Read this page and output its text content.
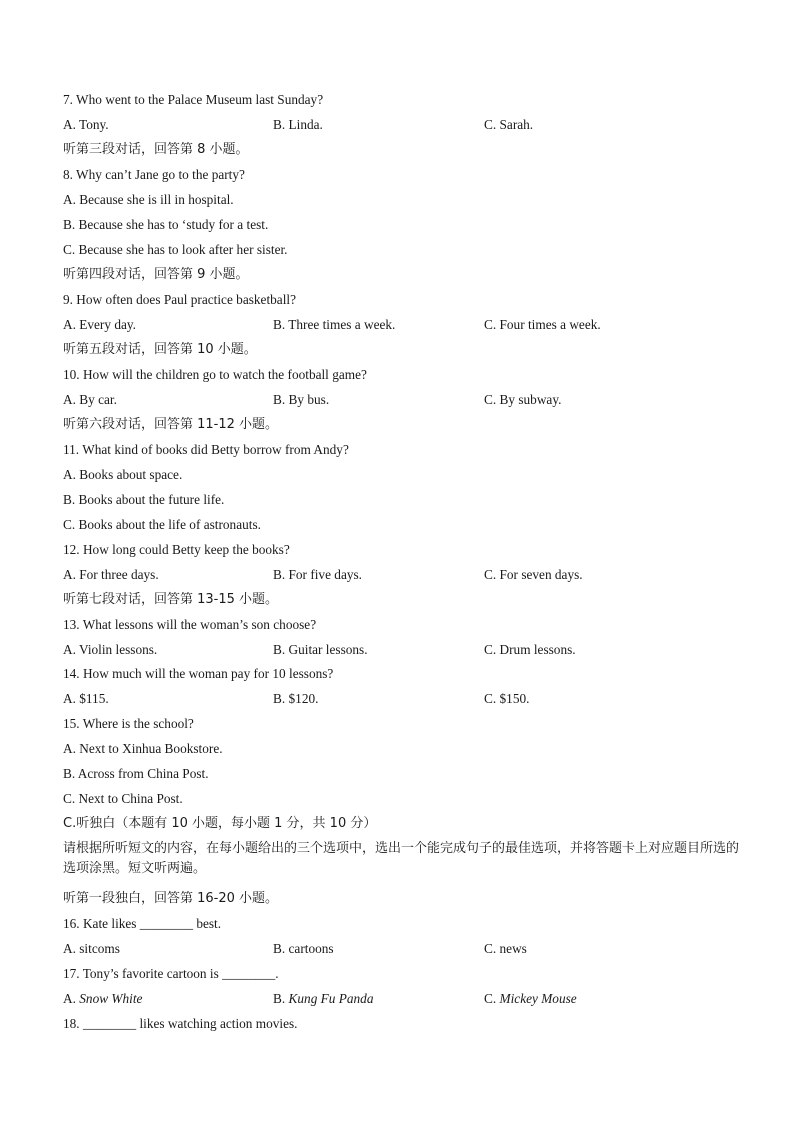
7. Who went to the Palace Museum last Sunday?
A. Tony.	B. Linda.	C. Sarah.
听第三段对话，回答第 8 小题。
8. Why can’t Jane go to the party?
A. Because she is ill in hospital.
B. Because she has to ‘study for a test.
C. Because she has to look after her sister.
听第四段对话，回答第 9 小题。
9. How often does Paul practice basketball?
A. Every day.	B. Three times a week.	C. Four times a week.
听第五段对话，回答第 10 小题。
10. How will the children go to watch the football game?
A. By car.	B. By bus.	C. By subway.
听第六段对话，回答第 11-12 小题。
11. What kind of books did Betty borrow from Andy?
A. Books about space.
B. Books about the future life.
C. Books about the life of astronauts.
12. How long could Betty keep the books?
A. For three days.	B. For five days.	C. For seven days.
听第七段对话，回答第 13-15 小题。
13. What lessons will the woman’s son choose?
A. Violin lessons.	B. Guitar lessons.	C. Drum lessons.
14. How much will the woman pay for 10 lessons?
A. $115.	B. $120.	C. $150.
15. Where is the school?
A. Next to Xinhua Bookstore.
B. Across from China Post.
C. Next to China Post.
C.听独白（本题有 10 小题，每小题 1 分，共 10 分）
请根据所听短文的内容，在每小题给出的三个选项中，选出一个能完成句子的最佳选项，并将答题卡上对应题目所选的选项涂黑。短文听两遍。
听第一段独白，回答第 16-20 小题。
16. Kate likes ________ best.
A. sitcoms	B. cartoons	C. news
17. Tony’s favorite cartoon is ________.
A. Snow White	B. Kung Fu Panda	C. Mickey Mouse
18. ________ likes watching action movies.
